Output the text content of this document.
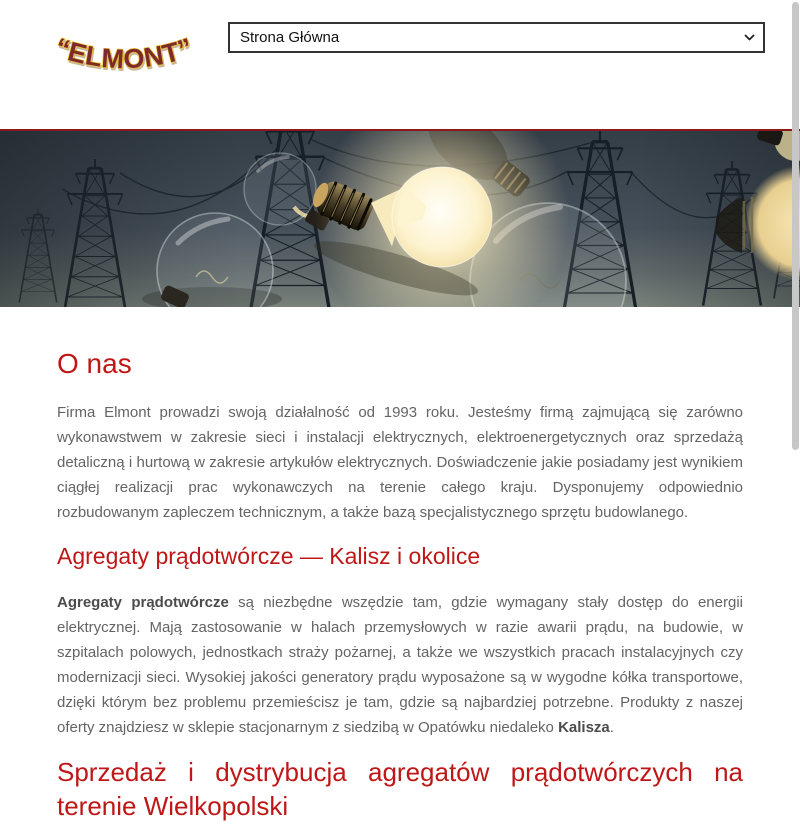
“ELMONT”
Strona Główna
O nas

Firma Elmont prowadzi swoją działalność od 1993 roku. Jesteśmy firmą zajmującą się zarówno wykonawstwem w zakresie sieci i instalacji elektrycznych, elektroenergetycznych oraz sprzedażą detaliczną i hurtową w zakresie artykułów elektrycznych. Doświadczenie jakie posiadamy jest wynikiem ciągłej realizacji prac wykonawczych na terenie całego kraju. Dysponujemy odpowiednio rozbudowanym zapleczem technicznym, a także bazą specjalistycznego sprzętu budowlanego.

Agregaty prądotwórcze — Kalisz i okolice

Agregaty prądotwórcze są niezbędne wszędzie tam, gdzie wymagany stały dostęp do energii elektrycznej. Mają zastosowanie w halach przemysłowych w razie awarii prądu, na budowie, w szpitalach polowych, jednostkach straży pożarnej, a także we wszystkich pracach instalacyjnych czy modernizacji sieci. Wysokiej jakości generatory prądu wyposażone są w wygodne kółka transportowe, dzięki którym bez problemu przemieścisz je tam, gdzie są najbardziej potrzebne. Produkty z naszej oferty znajdziesz w sklepie stacjonarnym z siedzibą w Opatówku niedaleko Kalisza.

Sprzedaż i dystrybucja agregatów prądotwórczych na terenie Wielkopolski
